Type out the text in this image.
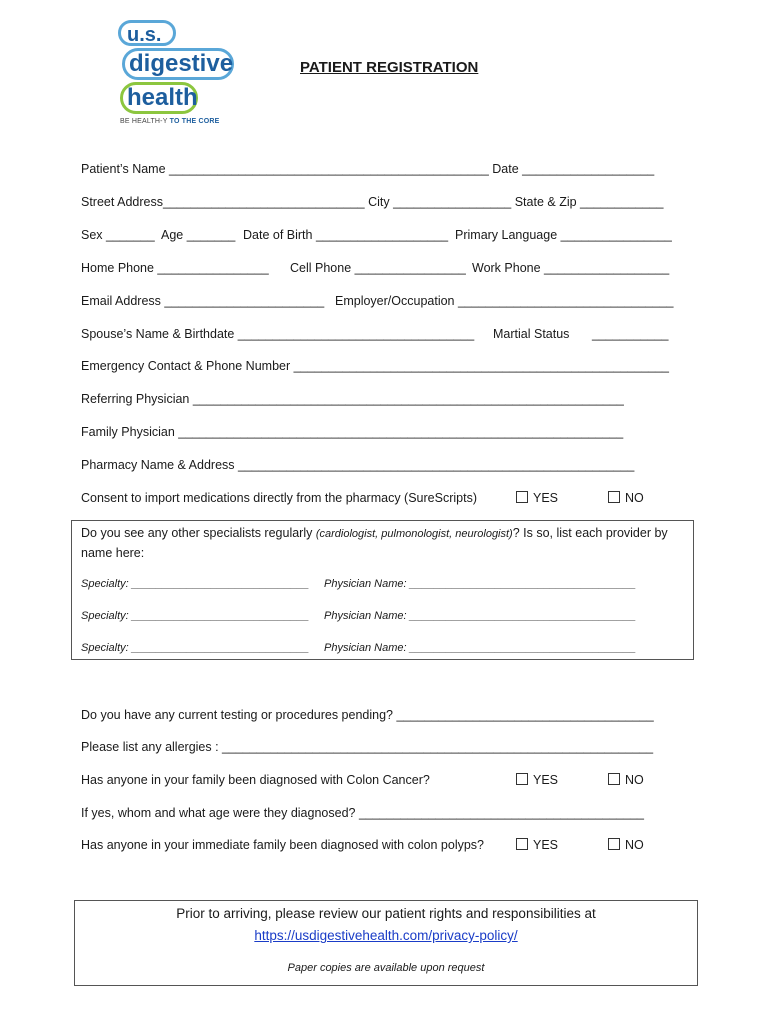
u.s.
digestive
health
BE HEALTH-Y TO THE CORE
PATIENT REGISTRATION
Patient’s Name ______________________________________________ Date ___________________
Street Address_____________________________ City _________________ State & Zip ____________
Sex _______ Age _______ Date of Birth ___________________ Primary Language ________________
Home Phone ________________ Cell Phone ________________ Work Phone __________________
Email Address _______________________ Employer/Occupation _______________________________
Spouse’s Name & Birthdate __________________________________ Martial Status ___________
Emergency Contact & Phone Number ______________________________________________________
Referring Physician ______________________________________________________________
Family Physician ________________________________________________________________
Pharmacy Name & Address _________________________________________________________
Consent to import medications directly from the pharmacy (SureScripts)	YES	NO
Do you see any other specialists regularly (cardiologist, pulmonologist, neurologist)? Is so, list each provider by
name here:
Specialty: _____________________________ Physician Name: _____________________________________
Specialty: _____________________________ Physician Name: _____________________________________
Specialty: _____________________________ Physician Name: _____________________________________
Do you have any current testing or procedures pending? _____________________________________
Please list any allergies : ______________________________________________________________
Has anyone in your family been diagnosed with Colon Cancer?	YES	NO
If yes, whom and what age were they diagnosed? _________________________________________
Has anyone in your immediate family been diagnosed with colon polyps?	YES	NO
Prior to arriving, please review our patient rights and responsibilities at
https://usdigestivehealth.com/privacy-policy/
Paper copies are available upon request
